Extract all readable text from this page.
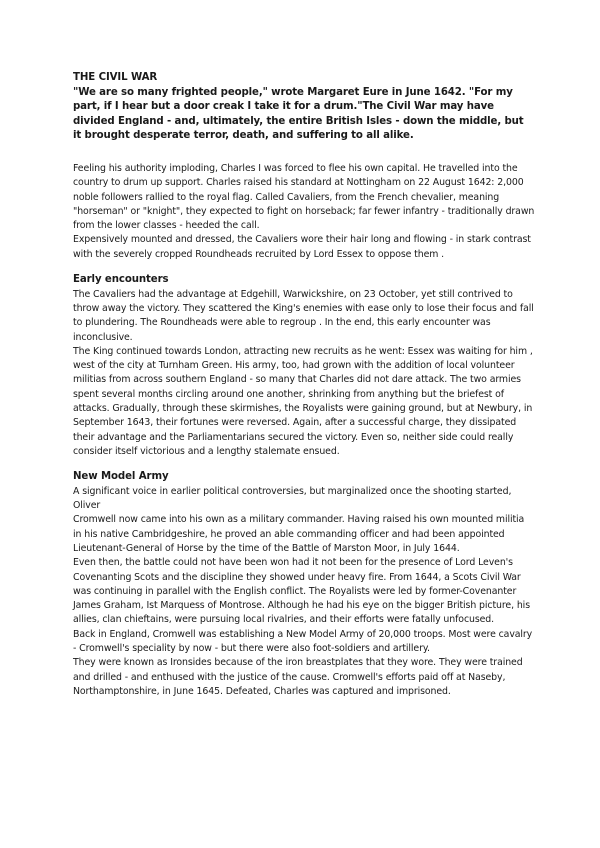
THE CIVIL WAR

"We are so many frighted people," wrote Margaret Eure in June 1642. "For my part, if I hear but a door creak I take it for a drum."The Civil War may have divided England - and, ultimately, the entire British Isles - down the middle, but it brought desperate terror, death, and suffering to all alike.

Feeling his authority imploding, Charles I was forced to flee his own capital. He travelled into the country to drum up support. Charles raised his standard at Nottingham on 22 August 1642: 2,000 noble followers rallied to the royal flag. Called Cavaliers, from the French chevalier, meaning "horseman" or "knight", they expected to fight on horseback; far fewer infantry - traditionally drawn from the lower classes - heeded the call.

Expensively mounted and dressed, the Cavaliers wore their hair long and flowing - in stark contrast with the severely cropped Roundheads recruited by Lord Essex to oppose them .

Early encounters

The Cavaliers had the advantage at Edgehill, Warwickshire, on 23 October, yet still contrived to throw away the victory. They scattered the King's enemies with ease only to lose their focus and fall to plundering. The Roundheads were able to regroup . In the end, this early encounter was inconclusive.

The King continued towards London, attracting new recruits as he went: Essex was waiting for him , west of the city at Turnham Green. His army, too, had grown with the addition of local volunteer militias from across southern England - so many that Charles did not dare attack. The two armies spent several months circling around one another, shrinking from anything but the briefest of attacks. Gradually, through these skirmishes, the Royalists were gaining ground, but at Newbury, in September 1643, their fortunes were reversed. Again, after a successful charge, they dissipated their advantage and the Parliamentarians secured the victory. Even so, neither side could really consider itself victorious and a lengthy stalemate ensued.

New Model Army

A significant voice in earlier political controversies, but marginalized once the shooting started, Oliver

Cromwell now came into his own as a military commander. Having raised his own mounted militia in his native Cambridgeshire, he proved an able commanding officer and had been appointed Lieutenant-General of Horse by the time of the Battle of Marston Moor, in July 1644.

Even then, the battle could not have been won had it not been for the presence of Lord Leven's Covenanting Scots and the discipline they showed under heavy fire. From 1644, a Scots Civil War was continuing in parallel with the English conflict. The Royalists were led by former-Covenanter James Graham, Ist Marquess of Montrose. Although he had his eye on the bigger British picture, his allies, clan chieftains, were pursuing local rivalries, and their efforts were fatally unfocused.

Back in England, Cromwell was establishing a New Model Army of 20,000 troops. Most were cavalry - Cromwell's speciality by now - but there were also foot-soldiers and artillery.

They were known as Ironsides because of the iron breastplates that they wore. They were trained and drilled - and enthused with the justice of the cause. Cromwell's efforts paid off at Naseby, Northamptonshire, in June 1645. Defeated, Charles was captured and imprisoned.
